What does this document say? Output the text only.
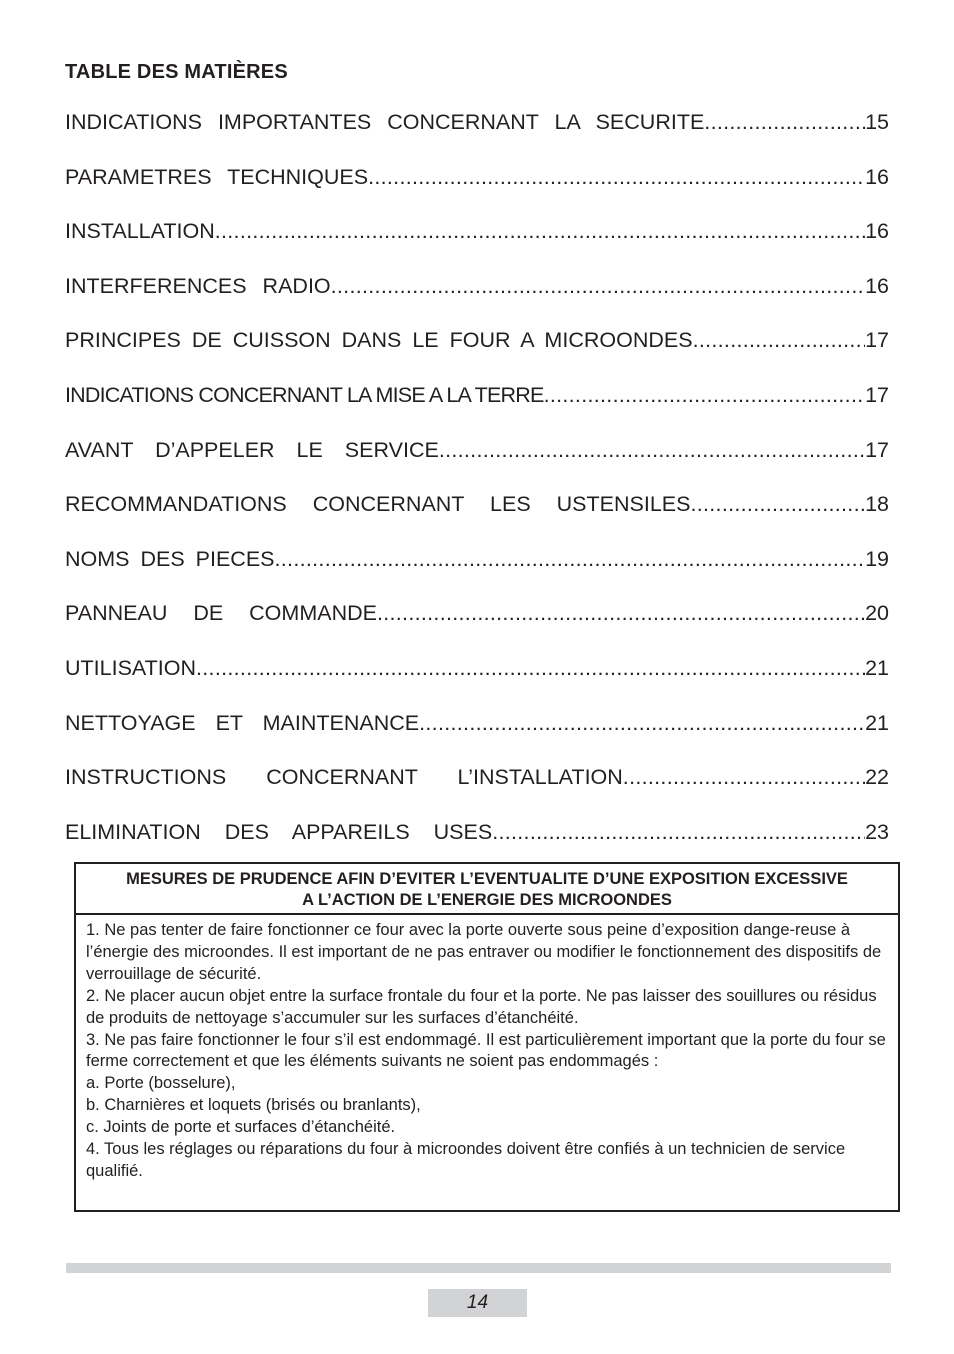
TABLE DES MATIÈRES
INDICATIONS IMPORTANTES CONCERNANT LA SECURITE .....	15
PARAMETRES TECHNIQUES .....	16
INSTALLATION .....	16
INTERFERENCES RADIO .....	16
PRINCIPES DE CUISSON DANS LE FOUR A MICROONDES .....	17
INDICATIONS CONCERNANT LA MISE A LA TERRE .....	17
AVANT D’APPELER LE SERVICE .....	17
RECOMMANDATIONS CONCERNANT LES USTENSILES .....	18
NOMS DES PIECES .....	19
PANNEAU DE COMMANDE .....	20
UTILISATION .....	21
NETTOYAGE ET MAINTENANCE .....	21
INSTRUCTIONS CONCERNANT L’INSTALLATION .....	22
ELIMINATION DES APPAREILS USES .....	23
MESURES DE PRUDENCE AFIN D’EVITER L’EVENTUALITE D’UNE EXPOSITION EXCESSIVE
A L’ACTION DE L’ENERGIE DES MICROONDES

1. Ne pas tenter de faire fonctionner ce four avec la porte ouverte sous peine d’exposition dange-reuse à l’énergie des microondes. Il est important de ne pas entraver ou modifier le fonctionnement des dispositifs de verrouillage de sécurité.

2. Ne placer aucun objet entre la surface frontale du four et la porte. Ne pas laisser des souillures ou résidus de produits de nettoyage s’accumuler sur les surfaces d’étanchéité.

3. Ne pas faire fonctionner le four s’il est endommagé. Il est particulièrement important que la porte du four se ferme correctement et que les éléments suivants ne soient pas endommagés :

a. Porte (bosselure),

b. Charnières et loquets (brisés ou branlants),

c. Joints de porte et surfaces d’étanchéité.

4. Tous les réglages ou réparations du four à microondes doivent être confiés à un technicien de service qualifié.

14
